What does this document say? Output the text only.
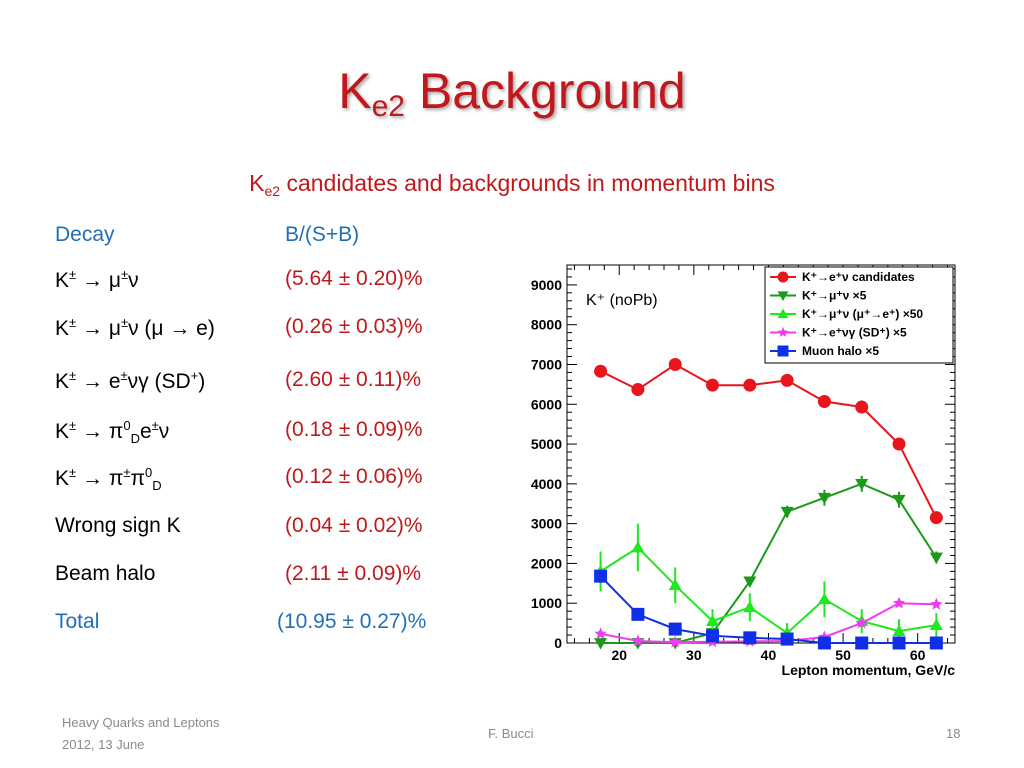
$K_{e2}$ Background
$K_{e2}$ candidates and backgrounds in momentum bins
Decay	B/(S+B)
K± → μ±ν	(5.64 ± 0.20)%
K± → μ±ν (μ → e)	(0.26 ± 0.03)%
K± → e±νγ (SD+)	(2.60 ± 0.11)%
$K^\pm \to \pi^0_De^\pm\nu$	(0.18 ± 0.09)%
$K^\pm \to \pi^\pm\pi^0_D$	(0.12 ± 0.06)%
Wrong sign K	(0.04 ± 0.02)%
Beam halo	(2.11 ± 0.09)%
Total	(10.95 ± 0.27)%
0
1000
2000
3000
4000
5000
6000
7000
8000
9000
20	30	40	50	60
Lepton momentum, GeV/c
K⁺ (noPb)
K⁺→e⁺ν candidates
K⁺→μ⁺ν ×5
K⁺→μ⁺ν (μ⁺→e⁺) ×50
K⁺→e⁺νγ (SD⁺) ×5
Muon halo ×5
Heavy Quarks and Leptons
2012, 13 June
F. Bucci	18
